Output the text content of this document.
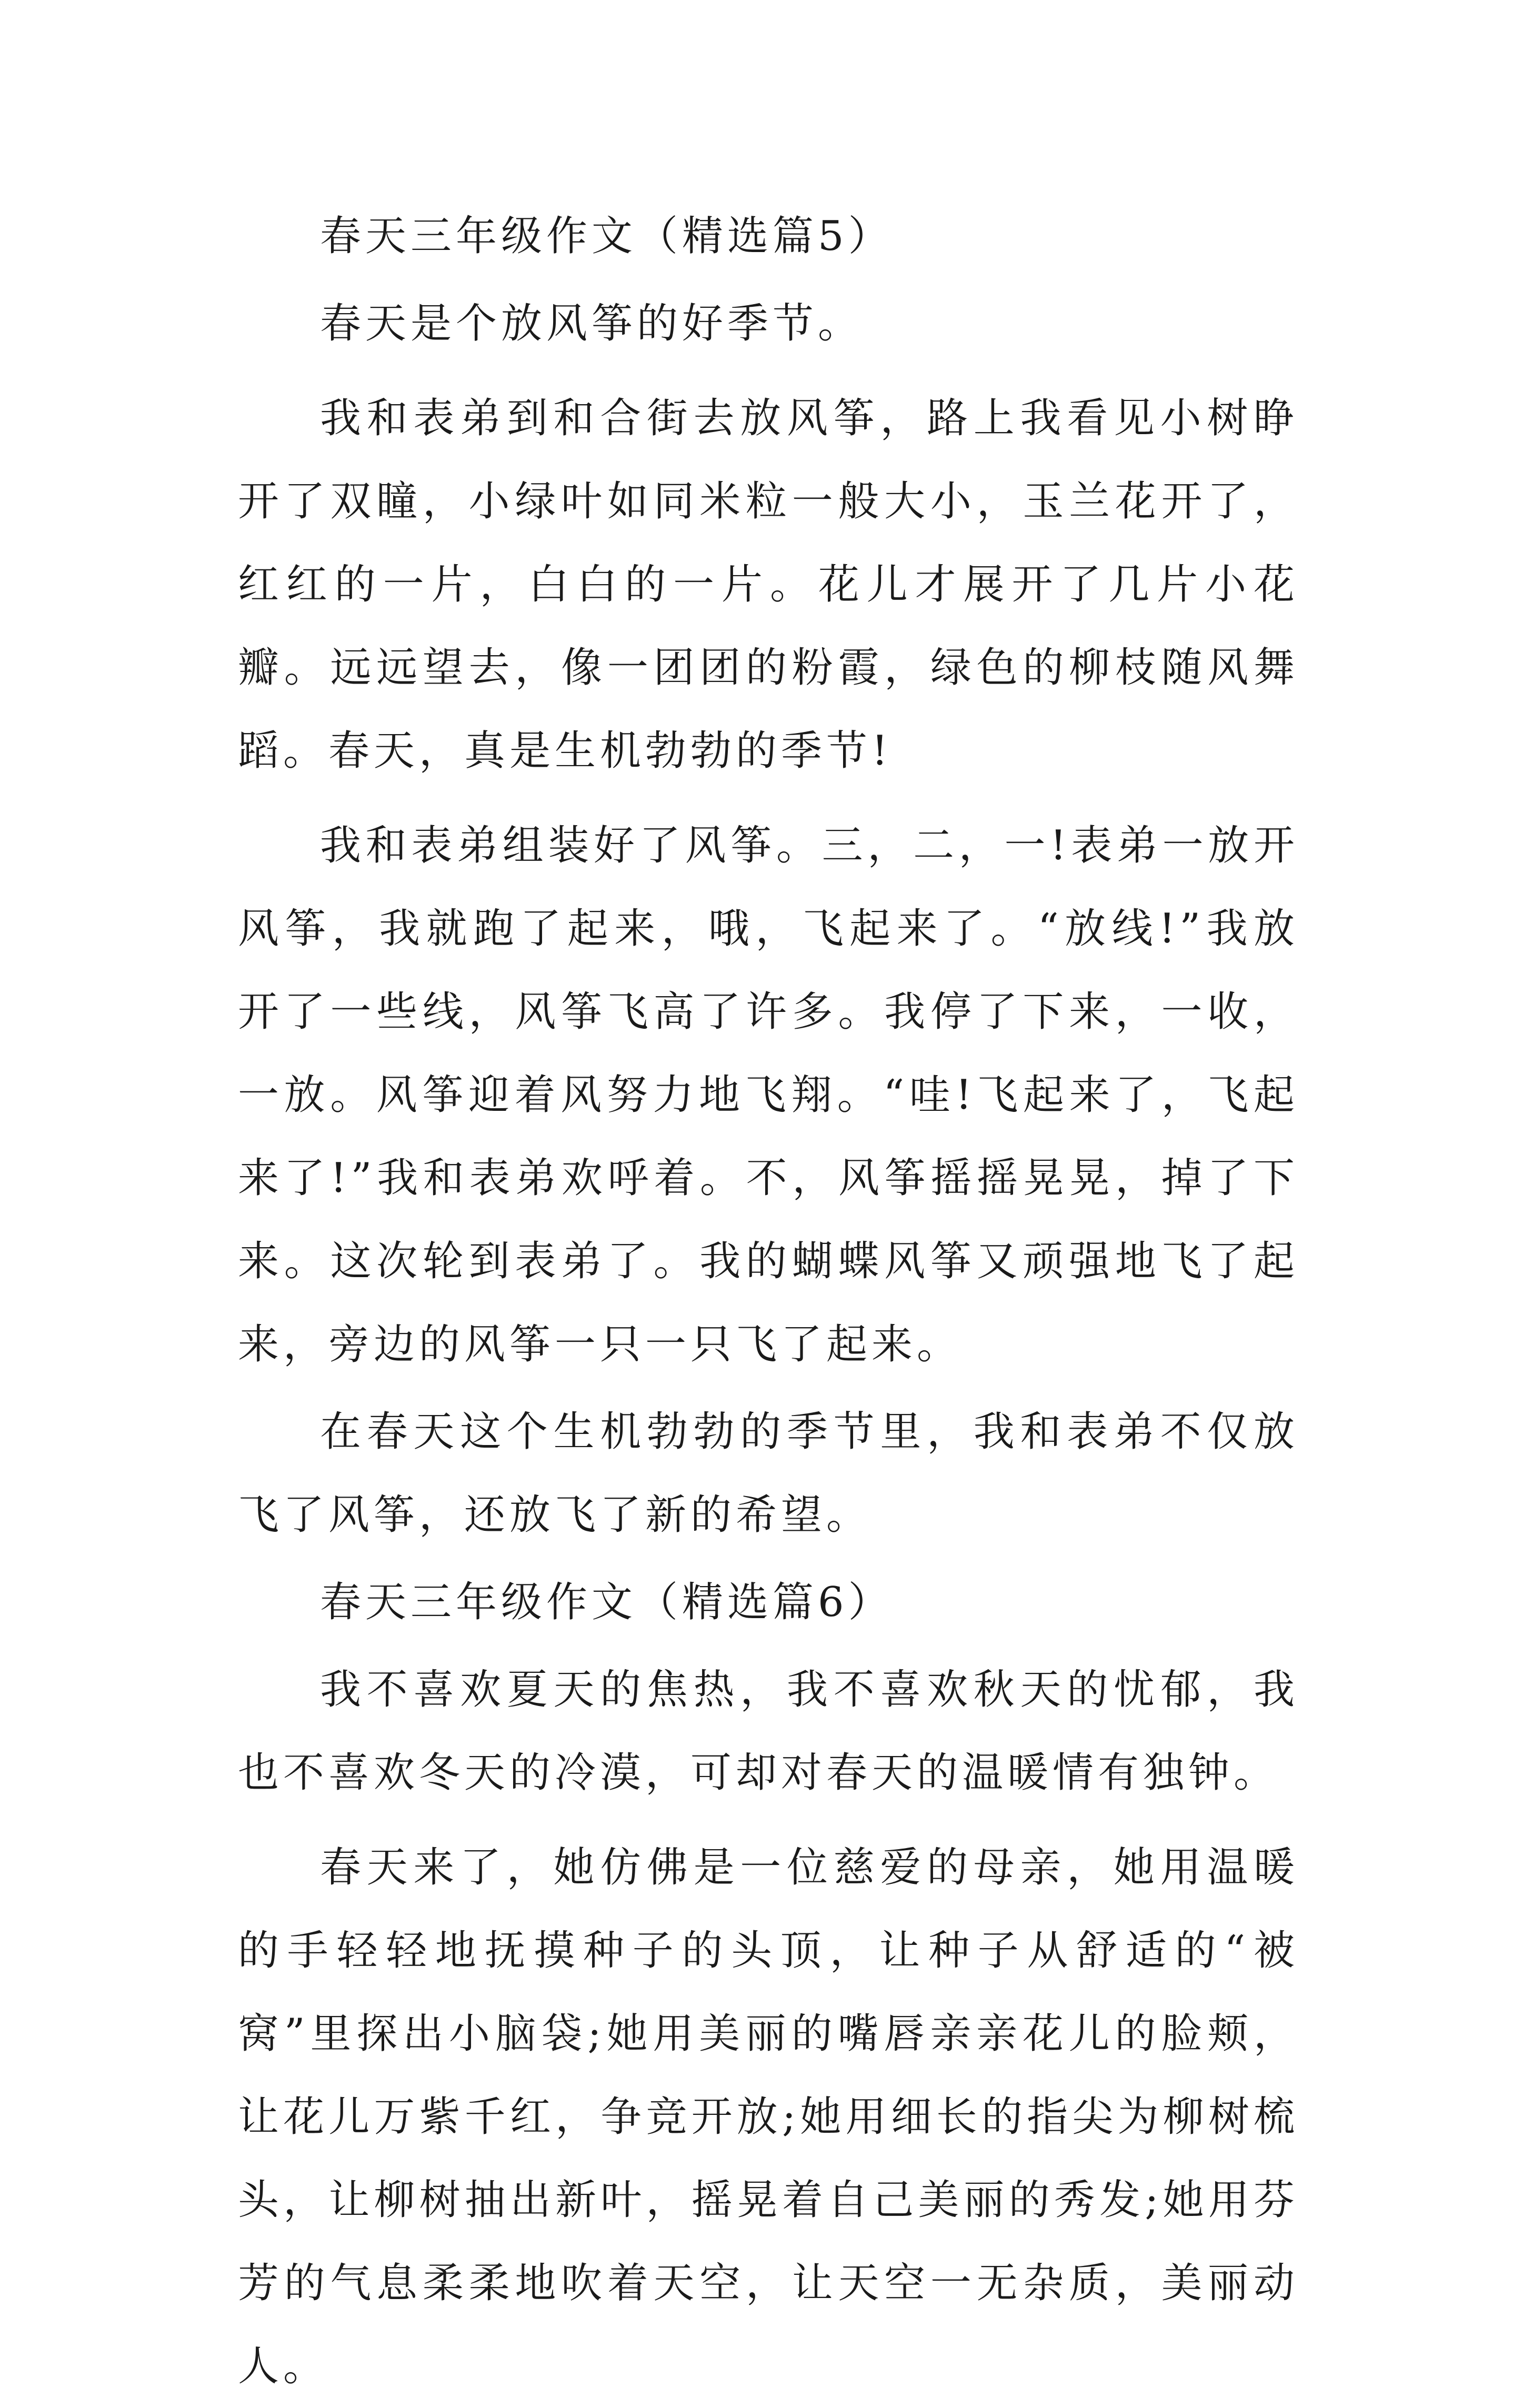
春天三年级作文（精选篇5）

春天是个放风筝的好季节。

我和表弟到和合街去放风筝，路上我看见小树睁开了双瞳，小绿叶如同米粒一般大小，玉兰花开了，红红的一片，白白的一片。花儿才展开了几片小花瓣。远远望去，像一团团的粉霞，绿色的柳枝随风舞蹈。春天，真是生机勃勃的季节!

我和表弟组装好了风筝。三，二，一!表弟一放开风筝，我就跑了起来，哦，飞起来了。“放线!”我放开了一些线，风筝飞高了许多。我停了下来，一收，一放。风筝迎着风努力地飞翔。“哇!飞起来了，飞起来了!”我和表弟欢呼着。不，风筝摇摇晃晃，掉了下来。这次轮到表弟了。我的蝴蝶风筝又顽强地飞了起来，旁边的风筝一只一只飞了起来。

在春天这个生机勃勃的季节里，我和表弟不仅放飞了风筝，还放飞了新的希望。

春天三年级作文（精选篇6）

我不喜欢夏天的焦热，我不喜欢秋天的忧郁，我也不喜欢冬天的冷漠，可却对春天的温暖情有独钟。

春天来了，她仿佛是一位慈爱的母亲，她用温暖的手轻轻地抚摸种子的头顶，让种子从舒适的“被窝”里探出小脑袋;她用美丽的嘴唇亲亲花儿的脸颊，让花儿万紫千红，争竞开放;她用细长的指尖为柳树梳头，让柳树抽出新叶，摇晃着自己美丽的秀发;她用芬芳的气息柔柔地吹着天空，让天空一无杂质，美丽动人。
